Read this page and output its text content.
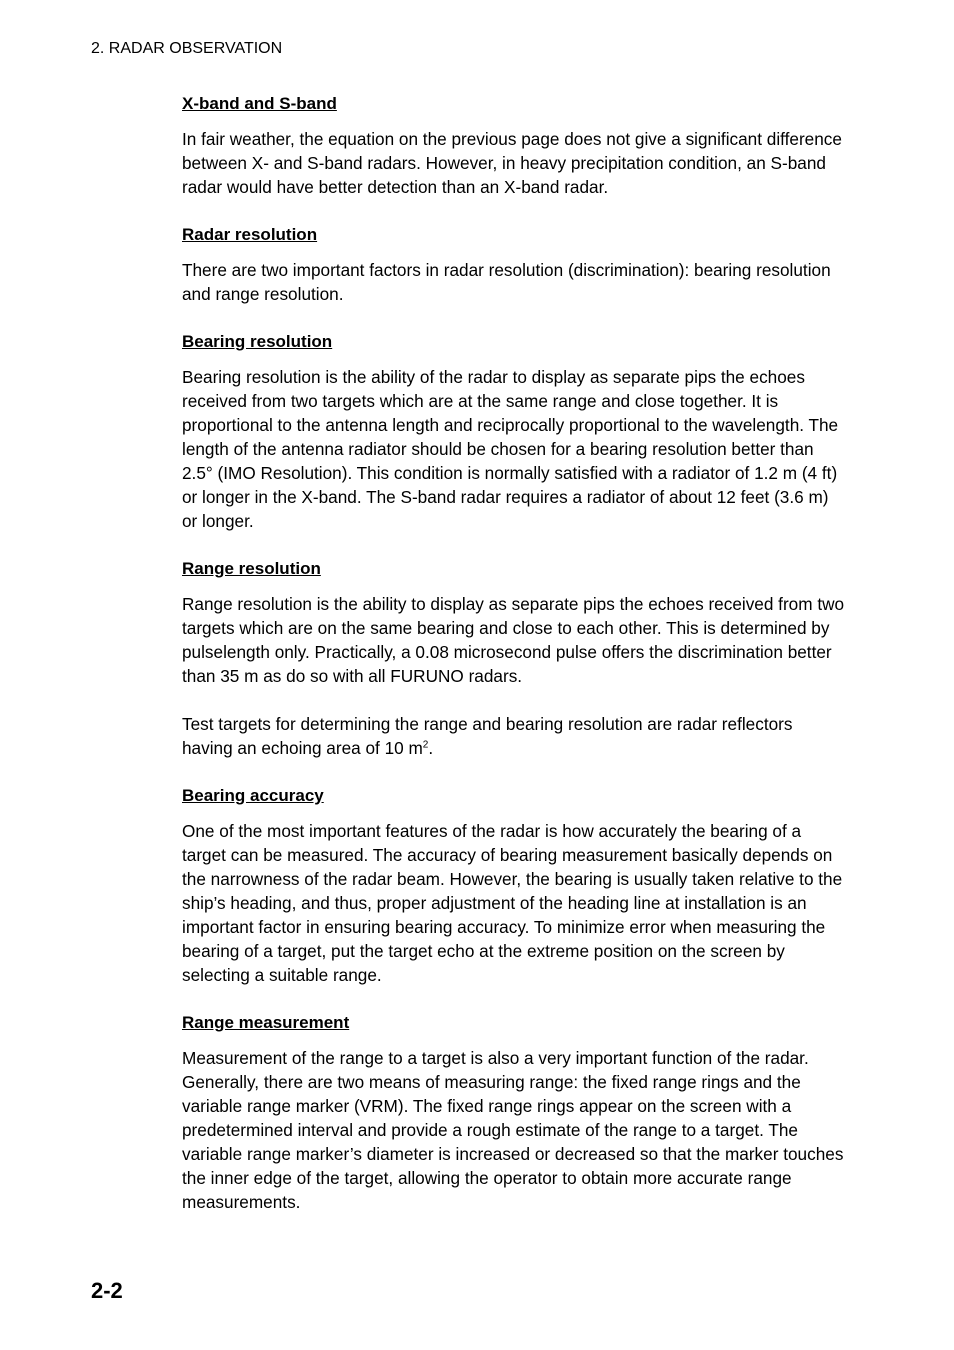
2. RADAR OBSERVATION
X-band and S-band

In fair weather, the equation on the previous page does not give a significant difference between X- and S-band radars. However, in heavy precipitation condition, an S-band radar would have better detection than an X-band radar.

Radar resolution

There are two important factors in radar resolution (discrimination): bearing resolution and range resolution.

Bearing resolution

Bearing resolution is the ability of the radar to display as separate pips the echoes received from two targets which are at the same range and close together. It is proportional to the antenna length and reciprocally proportional to the wavelength. The length of the antenna radiator should be chosen for a bearing resolution better than 2.5° (IMO Resolution). This condition is normally satisfied with a radiator of 1.2 m (4 ft) or longer in the X-band. The S-band radar requires a radiator of about 12 feet (3.6 m) or longer.

Range resolution

Range resolution is the ability to display as separate pips the echoes received from two targets which are on the same bearing and close to each other. This is determined by pulselength only. Practically, a 0.08 microsecond pulse offers the discrimination better than 35 m as do so with all FURUNO radars.

Test targets for determining the range and bearing resolution are radar reflectors having an echoing area of 10 $m^2$.

Bearing accuracy

One of the most important features of the radar is how accurately the bearing of a target can be measured. The accuracy of bearing measurement basically depends on the narrowness of the radar beam. However, the bearing is usually taken relative to the ship’s heading, and thus, proper adjustment of the heading line at installation is an important factor in ensuring bearing accuracy. To minimize error when measuring the bearing of a target, put the target echo at the extreme position on the screen by selecting a suitable range.

Range measurement

Measurement of the range to a target is also a very important function of the radar. Generally, there are two means of measuring range: the fixed range rings and the variable range marker (VRM). The fixed range rings appear on the screen with a predetermined interval and provide a rough estimate of the range to a target. The variable range marker’s diameter is increased or decreased so that the marker touches the inner edge of the target, allowing the operator to obtain more accurate range measurements.

2-2
